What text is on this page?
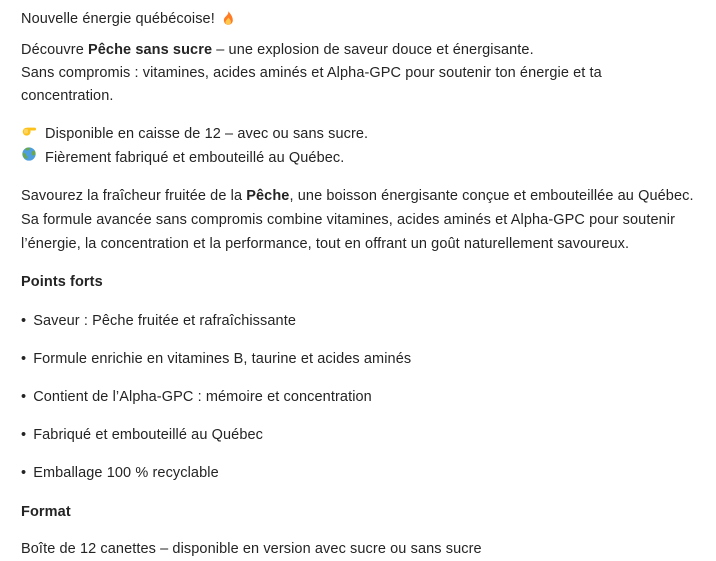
Nouvelle énergie québécoise!

Découvre Pêche sans sucre – une explosion de saveur douce et énergisante.
Sans compromis : vitamines, acides aminés et Alpha-GPC pour soutenir ton énergie et ta concentration.
Disponible en caisse de 12 – avec ou sans sucre.
Fièrement fabriqué et embouteillé au Québec.

Savourez la fraîcheur fruitée de la Pêche, une boisson énergisante conçue et embouteillée au Québec. Sa formule avancée sans compromis combine vitamines, acides aminés et Alpha-GPC pour soutenir l’énergie, la concentration et la performance, tout en offrant un goût naturellement savoureux.

Points forts

• Saveur : Pêche fruitée et rafraîchissante
• Formule enrichie en vitamines B, taurine et acides aminés
• Contient de l’Alpha-GPC : mémoire et concentration
• Fabriqué et embouteillé au Québec
• Emballage 100 % recyclable

Format

Boîte de 12 canettes – disponible en version avec sucre ou sans sucre
